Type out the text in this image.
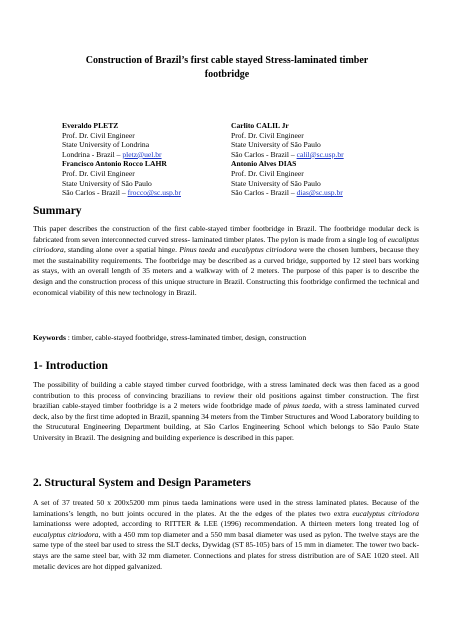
Construction of Brazil’s first cable stayed Stress-laminated timber
footbridge
Everaldo PLETZ
Prof. Dr. Civil Engineer
State University of Londrina
Londrina - Brazil – pletz@uel.br
Francisco Antonio Rocco LAHR
Prof. Dr. Civil Engineer
State University of São Paulo
São Carlos - Brazil – frocco@sc.usp.br
Carlito CALIL Jr
Prof. Dr. Civil Engineer
State University of São Paulo
São Carlos - Brazil – calil@sc.usp.br
Antonio Alves DIAS
Prof. Dr. Civil Engineer
State University of São Paulo
São Carlos - Brazil – dias@sc.usp.br
Summary
This paper describes the construction of the first cable-stayed timber footbridge in Brazil. The footbridge modular deck is fabricated from seven interconnected curved stress- laminated timber plates. The pylon is made from a single log of eucaliptus citriodora, standing alone over a spatial hinge. Pinus taeda and eucalyptus citriodora were the chosen lumbers, because they met the sustainability requirements. The footbridge may be described as a curved bridge, supported by 12 steel bars working as stays, with an overall length of 35 meters and a walkway with of 2 meters. The purpose of this paper is to describe the design and the construction process of this unique structure in Brazil. Constructing this footbridge confirmed the technical and economical viability of this new technology in Brazil.
Keywords : timber, cable-stayed footbridge, stress-laminated timber, design, construction
1- Introduction
The possibility of building a cable stayed timber curved footbridge, with a stress laminated deck was then faced as a good contribution to this process of convincing brazilians to review their old positions against timber construction. The first brazilian cable-stayed timber footbridge is a 2 meters wide footbridge made of pinus taeda, with a stress laminated curved deck, also by the first time adopted in Brazil, spanning 34 meters from the Timber Structures and Wood Laboratory building to the Strucutural Engineering Department building, at São Carlos Engineering School which belongs to São Paulo State University in Brazil. The designing and building experience is described in this paper.
2. Structural System and Design Parameters
A set of 37 treated 50 x 200x5200 mm pinus taeda laminations were used in the stress laminated plates. Because of the laminations’s length, no butt joints occured in the plates. At the the edges of the plates two extra eucalyptus citriodora laminationss were adopted, according to RITTER & LEE (1996) recommendation. A thirteen meters long treated log of eucalyptus citriodora, with a 450 mm top diameter and a 550 mm basal diameter was used as pylon. The twelve stays are the same type of the steel bar used to stress the SLT decks, Dywidag (ST 85-105) bars of 15 mm in diameter. The tower two back-stays are the same steel bar, with 32 mm diameter. Connections and plates for stress distribution are of SAE 1020 steel. All metalic devices are hot dipped galvanized.
